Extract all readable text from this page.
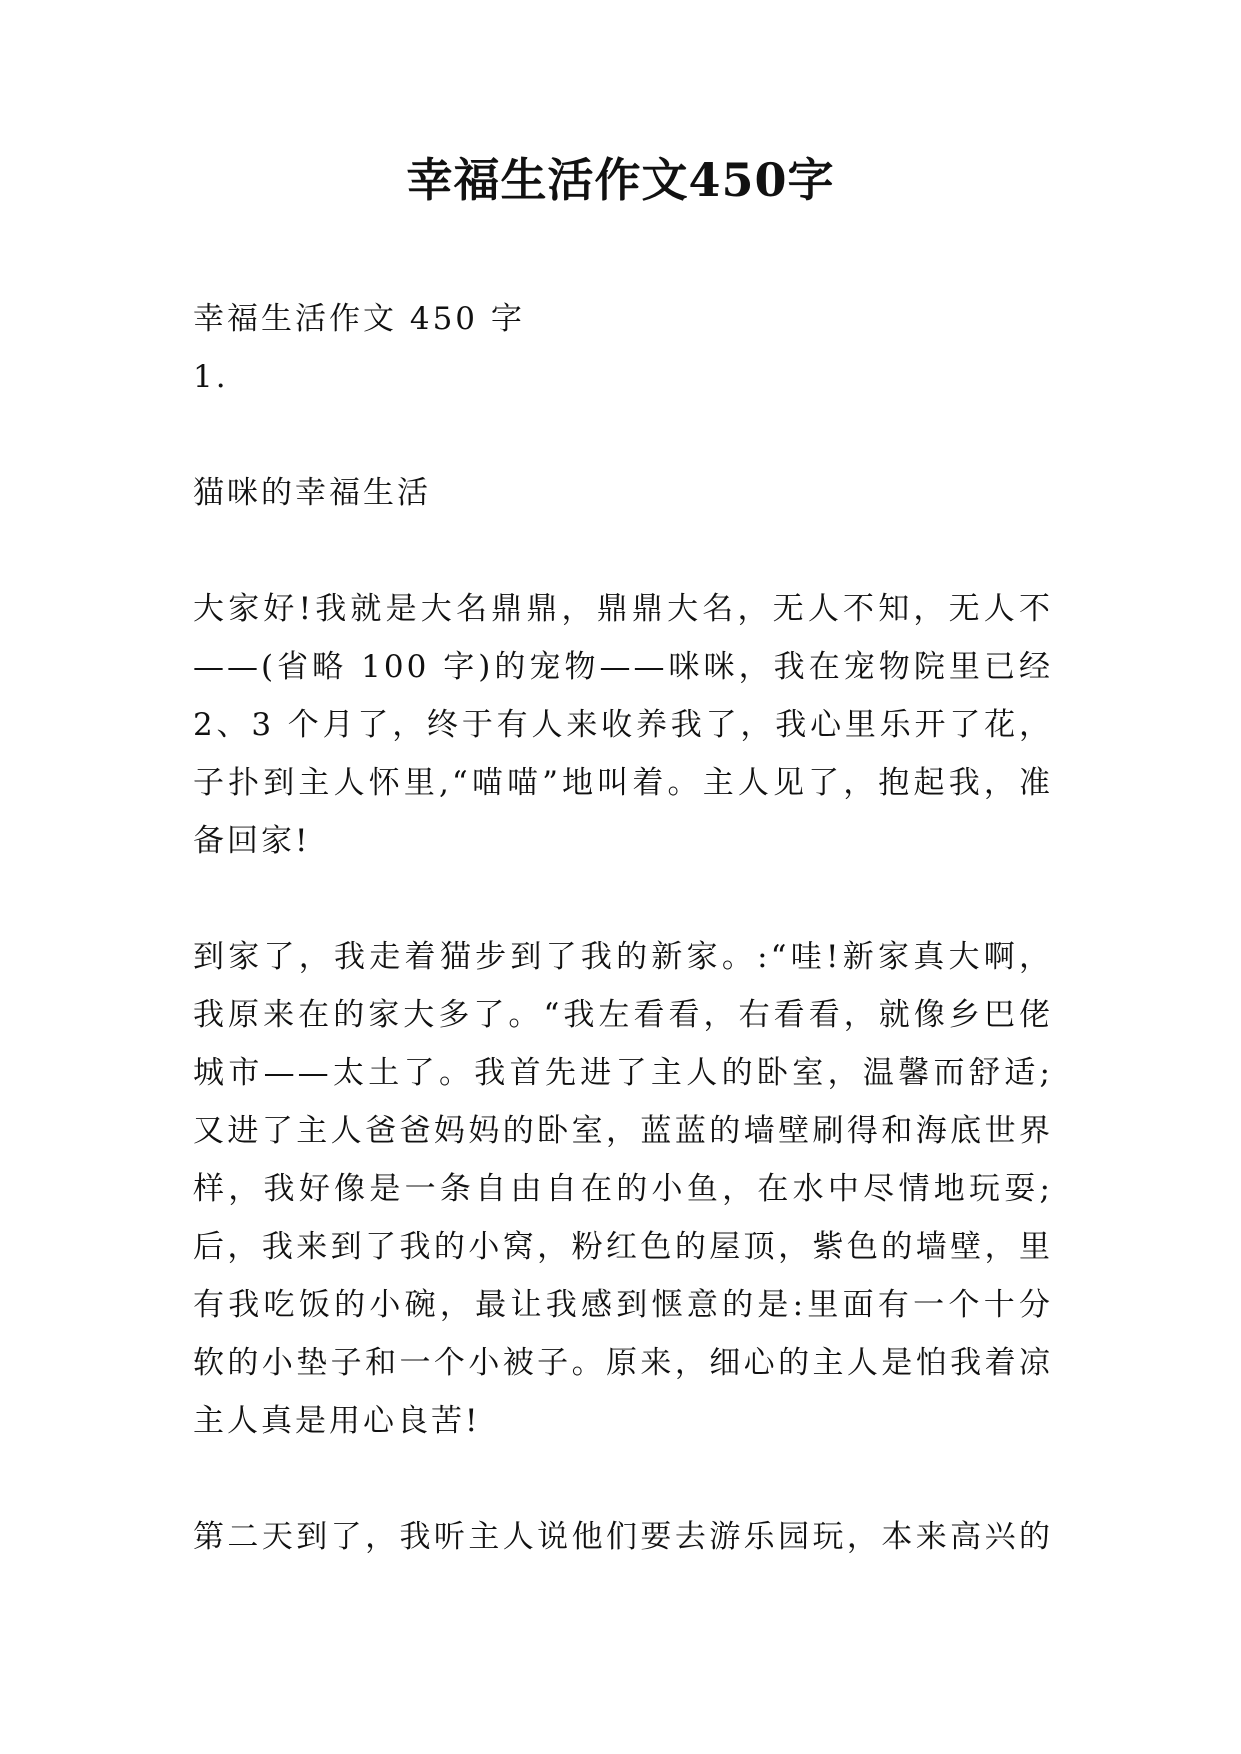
幸福生活作文450字

幸福生活作文 450 字

1.

猫咪的幸福生活

大家好!我就是大名鼎鼎，鼎鼎大名，无人不知，无人不
——(省略 100 字)的宠物——咪咪，我在宠物院里已经
2、3 个月了，终于有人来收养我了，我心里乐开了花，
子扑到主人怀里,“喵喵”地叫着。主人见了，抱起我，准

备回家!

到家了，我走着猫步到了我的新家。:“哇!新家真大啊，
我原来在的家大多了。“我左看看，右看看，就像乡巴佬
城市——太土了。我首先进了主人的卧室，温馨而舒适;
又进了主人爸爸妈妈的卧室，蓝蓝的墙壁刷得和海底世界
样，我好像是一条自由自在的小鱼，在水中尽情地玩耍;
后，我来到了我的小窝，粉红色的屋顶，紫色的墙壁，里
有我吃饭的小碗，最让我感到惬意的是:里面有一个十分
软的小垫子和一个小被子。原来，细心的主人是怕我着凉

主人真是用心良苦!

第二天到了，我听主人说他们要去游乐园玩，本来高兴的
